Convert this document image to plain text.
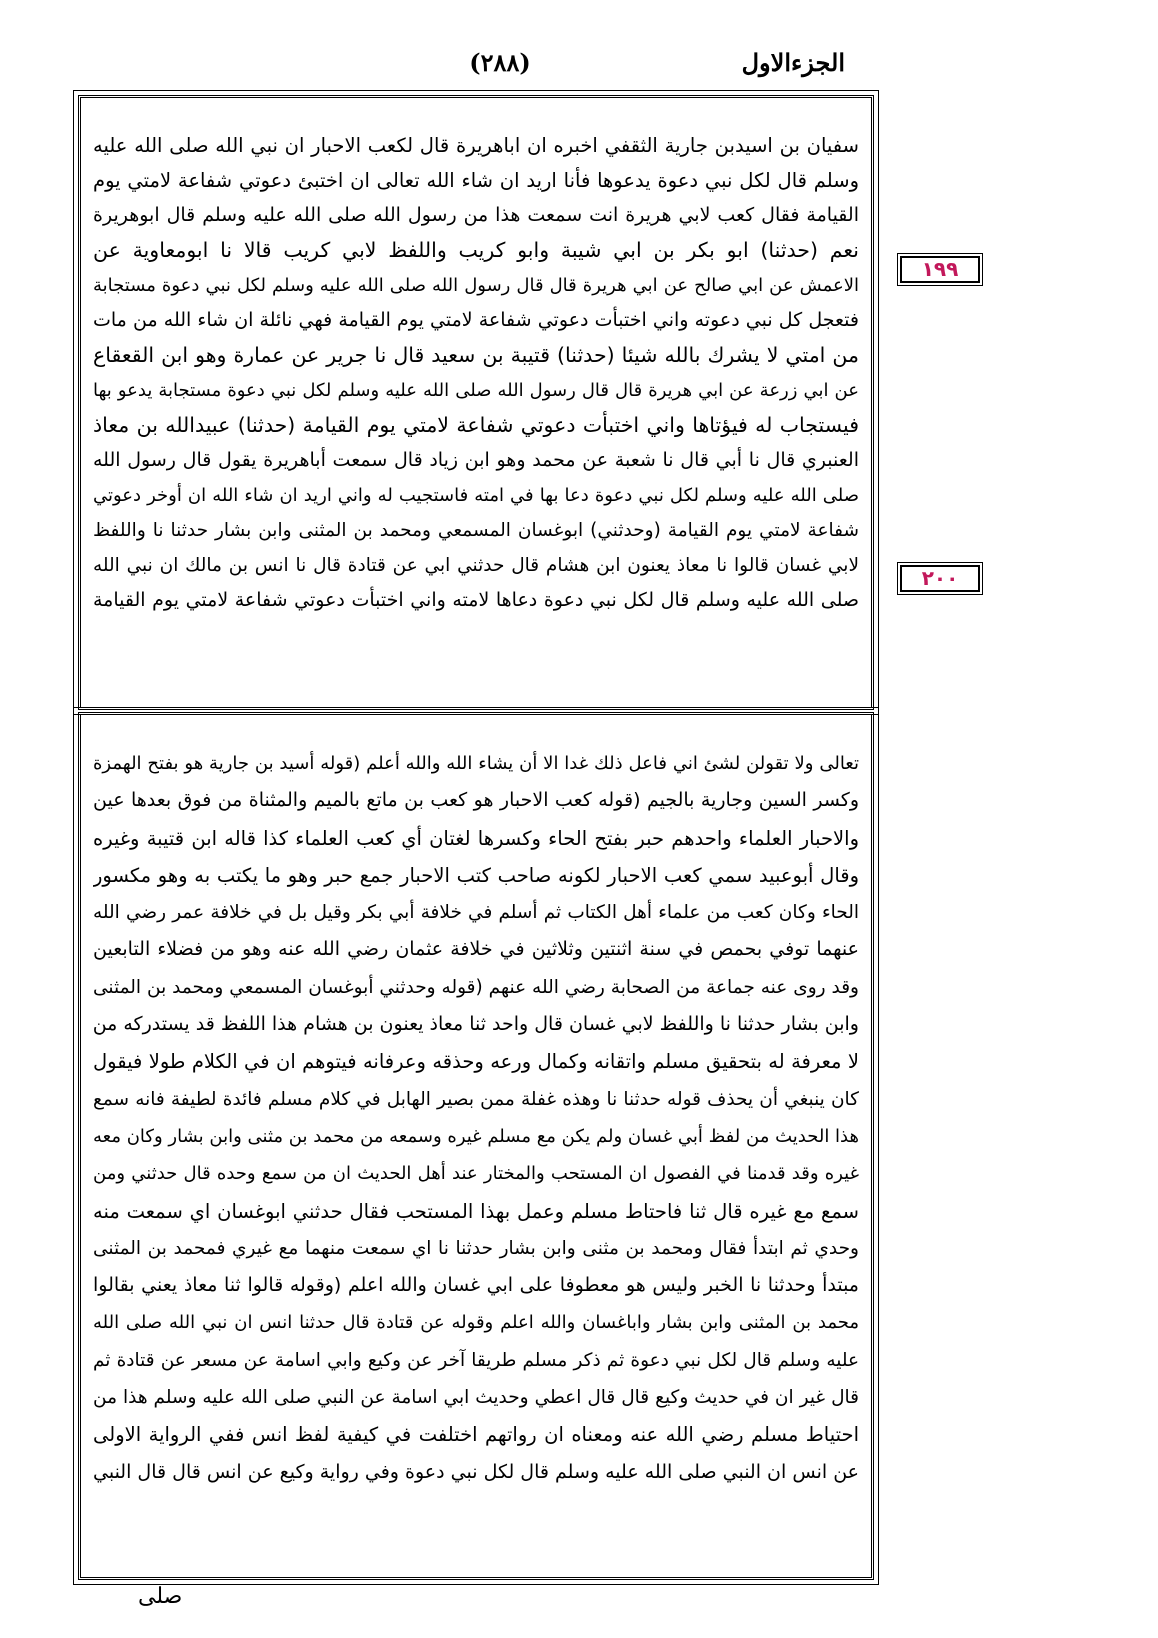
الجزءالاول
(٢٨٨)
سفيان بن اسيدبن جارية الثقفي اخبره ان اباهريرة قال لكعب الاحبار ان نبي الله صلى الله عليه
وسلم قال لكل نبي دعوة يدعوها فأنا اريد ان شاء الله تعالى ان اختبئ دعوتي شفاعة لامتي يوم
القيامة فقال كعب لابي هريرة انت سمعت هذا من رسول الله صلى الله عليه وسلم قال ابوهريرة
نعم (حدثنا) ابو بكر بن ابي شيبة وابو كريب واللفظ لابي كريب قالا نا ابومعاوية عن
الاعمش عن ابي صالح عن ابي هريرة قال قال رسول الله صلى الله عليه وسلم لكل نبي دعوة مستجابة
فتعجل كل نبي دعوته واني اختبأت دعوتي شفاعة لامتي يوم القيامة فهي نائلة ان شاء الله من مات
من امتي لا يشرك بالله شيئا (حدثنا) قتيبة بن سعيد قال نا جرير عن عمارة وهو ابن القعقاع
عن ابي زرعة عن ابي هريرة قال قال رسول الله صلى الله عليه وسلم لكل نبي دعوة مستجابة يدعو بها
فيستجاب له فيؤتاها واني اختبأت دعوتي شفاعة لامتي يوم القيامة (حدثنا) عبيدالله بن معاذ
العنبري قال نا أبي قال نا شعبة عن محمد وهو ابن زياد قال سمعت أباهريرة يقول قال رسول الله
صلى الله عليه وسلم لكل نبي دعوة دعا بها في امته فاستجيب له واني اريد ان شاء الله ان أوخر دعوتي
شفاعة لامتي يوم القيامة (وحدثني) ابوغسان المسمعي ومحمد بن المثنى وابن بشار حدثنا نا واللفظ
لابي غسان قالوا نا معاذ يعنون ابن هشام قال حدثني ابي عن قتادة قال نا انس بن مالك ان نبي الله
صلى الله عليه وسلم قال لكل نبي دعوة دعاها لامته واني اختبأت دعوتي شفاعة لامتي يوم القيامة
١٩٩
٢٠٠
تعالى ولا تقولن لشئ اني فاعل ذلك غدا الا أن يشاء الله والله أعلم (قوله أسيد بن جارية هو بفتح الهمزة
وكسر السين وجارية بالجيم (قوله كعب الاحبار هو كعب بن ماتع بالميم والمثناة من فوق بعدها عين
والاحبار العلماء واحدهم حبر بفتح الحاء وكسرها لغتان أي كعب العلماء كذا قاله ابن قتيبة وغيره
وقال أبوعبيد سمي كعب الاحبار لكونه صاحب كتب الاحبار جمع حبر وهو ما يكتب به وهو مكسور
الحاء وكان كعب من علماء أهل الكتاب ثم أسلم في خلافة أبي بكر وقيل بل في خلافة عمر رضي الله
عنهما توفي بحمص في سنة اثنتين وثلاثين في خلافة عثمان رضي الله عنه وهو من فضلاء التابعين
وقد روى عنه جماعة من الصحابة رضي الله عنهم (قوله وحدثني أبوغسان المسمعي ومحمد بن المثنى
وابن بشار حدثنا نا واللفظ لابي غسان قال واحد ثنا معاذ يعنون بن هشام هذا اللفظ قد يستدركه من
لا معرفة له بتحقيق مسلم واتقانه وكمال ورعه وحذقه وعرفانه فيتوهم ان في الكلام طولا فيقول
كان ينبغي أن يحذف قوله حدثنا نا وهذه غفلة ممن بصير الهابل في كلام مسلم فائدة لطيفة فانه سمع
هذا الحديث من لفظ أبي غسان ولم يكن مع مسلم غيره وسمعه من محمد بن مثنى وابن بشار وكان معه
غيره وقد قدمنا في الفصول ان المستحب والمختار عند أهل الحديث ان من سمع وحده قال حدثني ومن
سمع مع غيره قال ثنا فاحتاط مسلم وعمل بهذا المستحب فقال حدثني ابوغسان اي سمعت منه
وحدي ثم ابتدأ فقال ومحمد بن مثنى وابن بشار حدثنا نا اي سمعت منهما مع غيري فمحمد بن المثنى
مبتدأ وحدثنا نا الخبر وليس هو معطوفا على ابي غسان والله اعلم (وقوله قالوا ثنا معاذ يعني بقالوا
محمد بن المثنى وابن بشار واباغسان والله اعلم وقوله عن قتادة قال حدثنا انس ان نبي الله صلى الله
عليه وسلم قال لكل نبي دعوة ثم ذكر مسلم طريقا آخر عن وكيع وابي اسامة عن مسعر عن قتادة ثم
قال غير ان في حديث وكيع قال قال اعطي وحديث ابي اسامة عن النبي صلى الله عليه وسلم هذا من
احتياط مسلم رضي الله عنه ومعناه ان رواتهم اختلفت في كيفية لفظ انس ففي الرواية الاولى
عن انس ان النبي صلى الله عليه وسلم قال لكل نبي دعوة وفي رواية وكيع عن انس قال قال النبي
صلى
